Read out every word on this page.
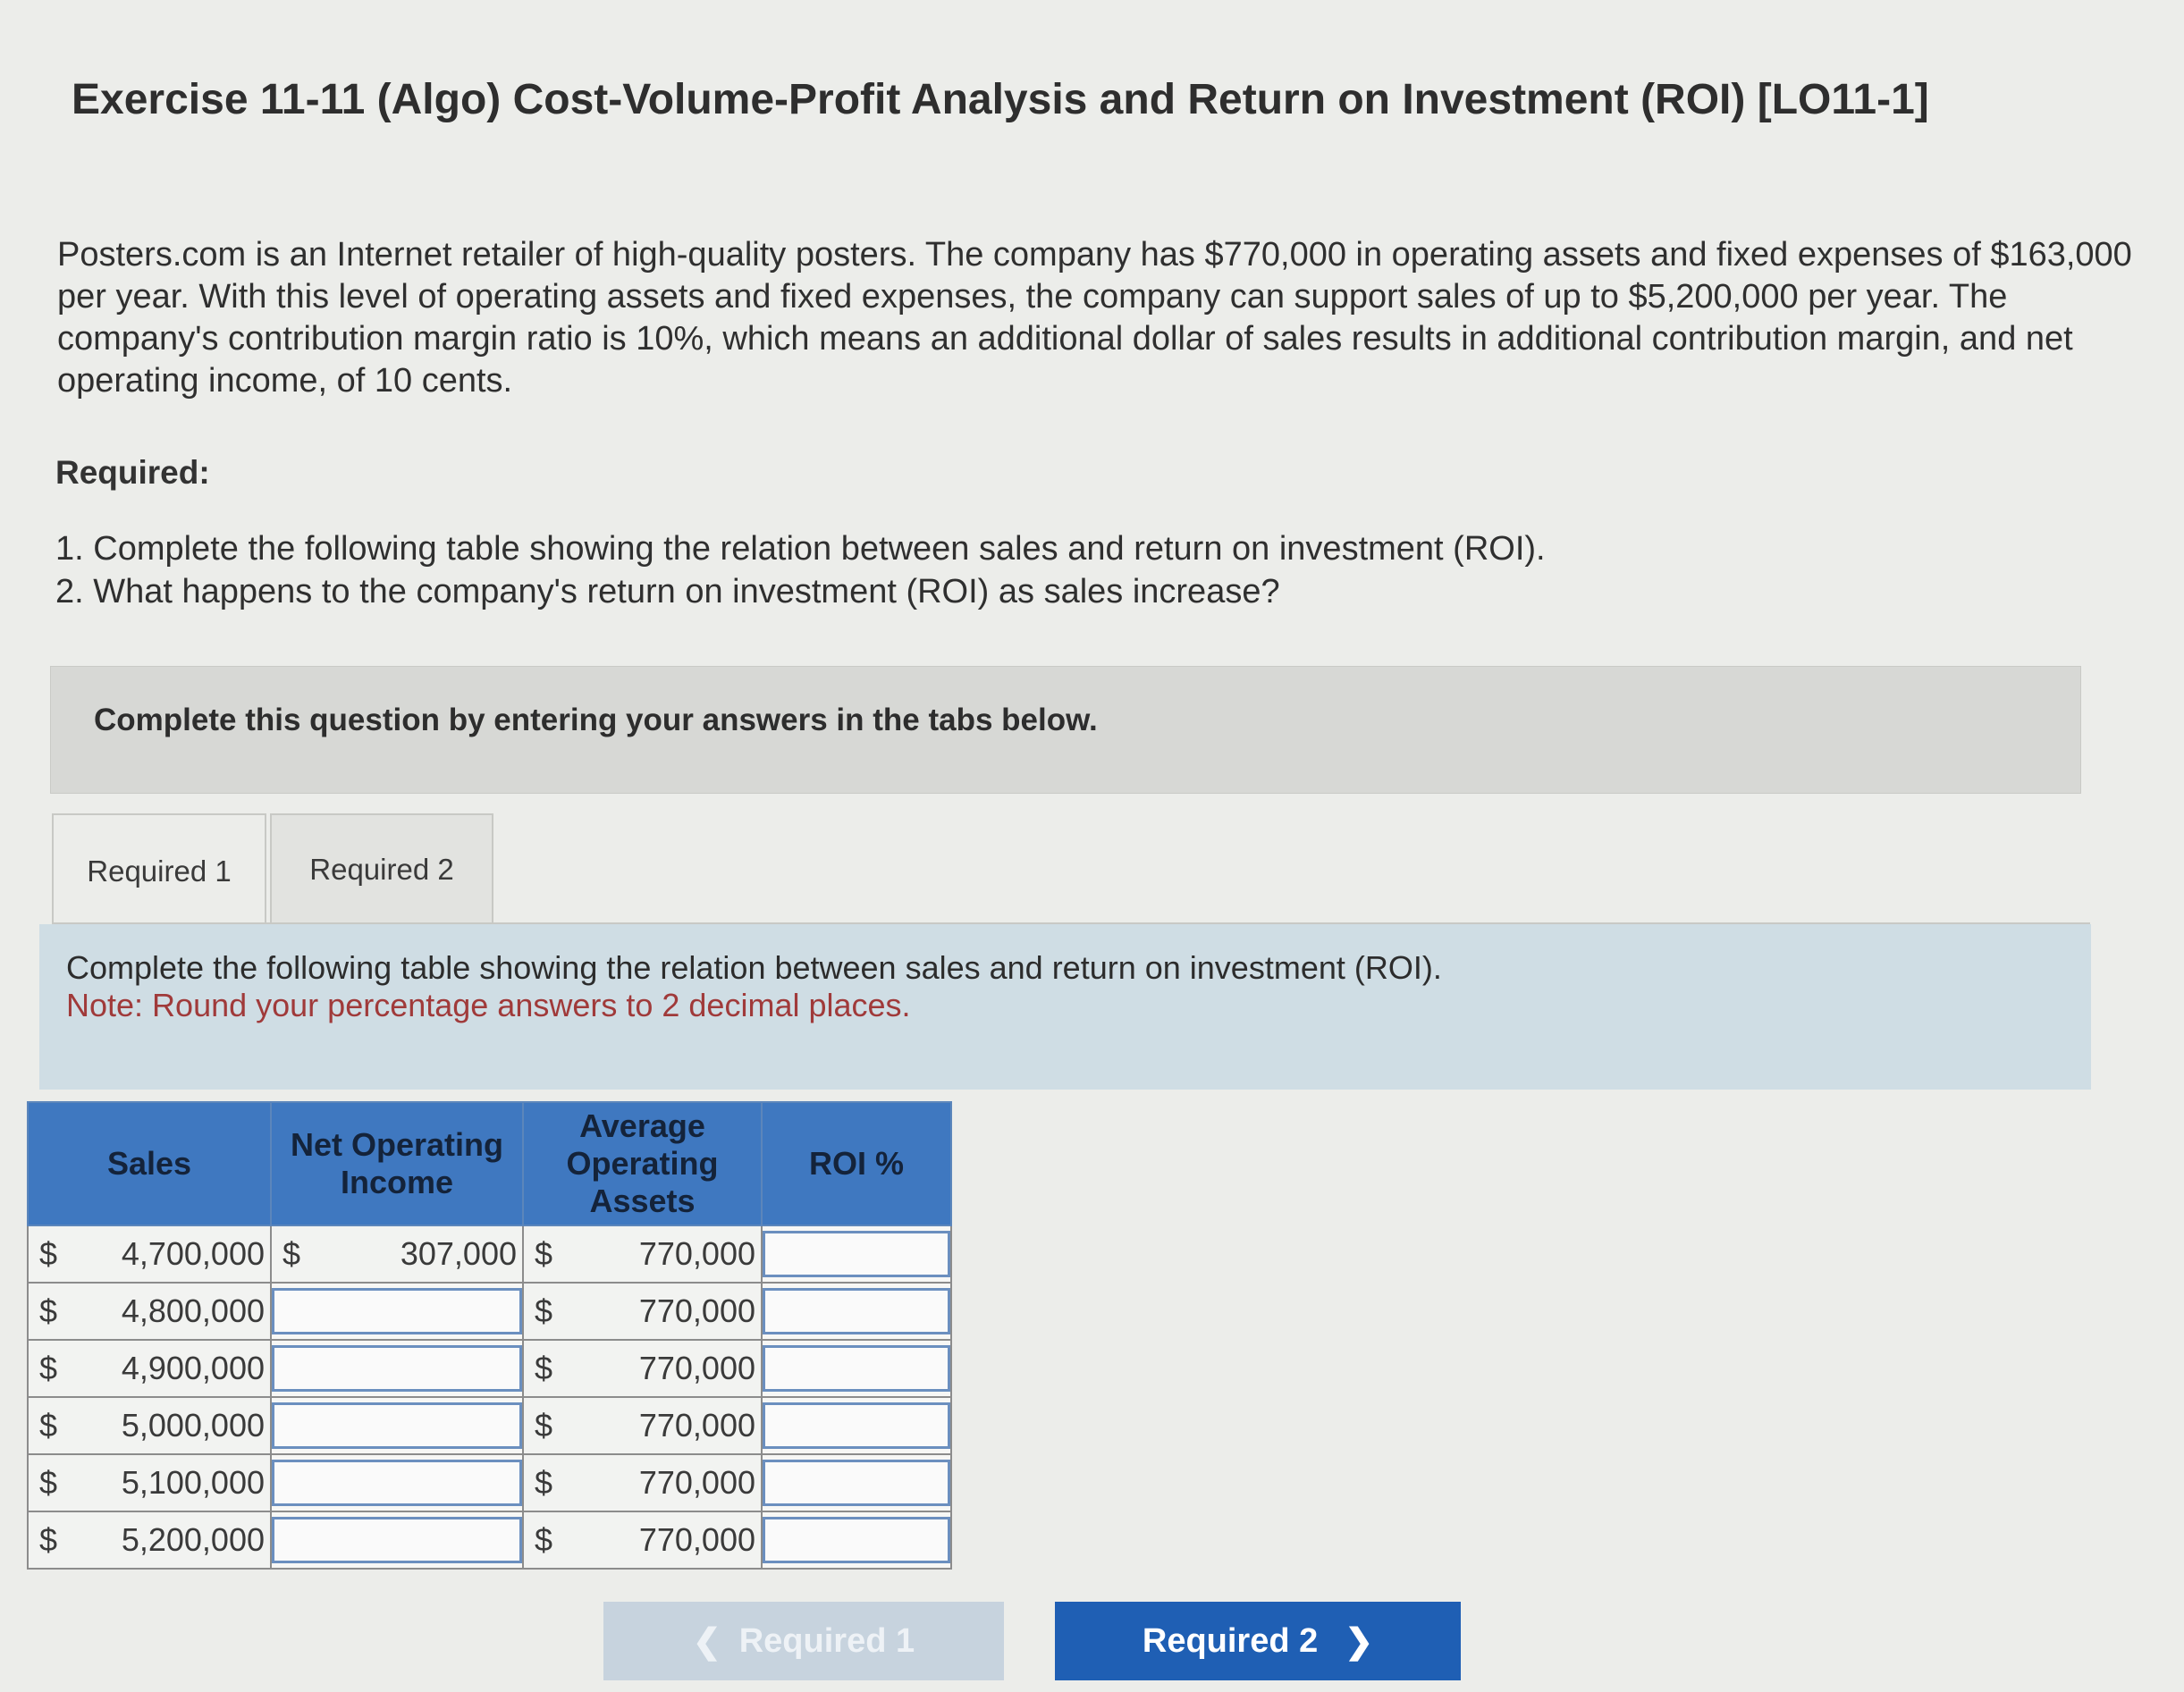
Exercise 11-11 (Algo) Cost-Volume-Profit Analysis and Return on Investment (ROI) [LO11-1]
Posters.com is an Internet retailer of high-quality posters. The company has $770,000 in operating assets and fixed expenses of $163,000 per year. With this level of operating assets and fixed expenses, the company can support sales of up to $5,200,000 per year. The company's contribution margin ratio is 10%, which means an additional dollar of sales results in additional contribution margin, and net operating income, of 10 cents.
Required:
1. Complete the following table showing the relation between sales and return on investment (ROI).
2. What happens to the company's return on investment (ROI) as sales increase?
Complete this question by entering your answers in the tabs below.
Required 1	Required 2
Complete the following table showing the relation between sales and return on investment (ROI).
Note: Round your percentage answers to 2 decimal places.
Sales	Net Operating Income	Average Operating Assets	ROI %

$ 4,700,000	$ 307,000	$ 770,000

$ 4,800,000		$ 770,000

$ 4,900,000		$ 770,000

$ 5,000,000		$ 770,000

$ 5,100,000		$ 770,000

$ 5,200,000		$ 770,000

❮ Required 1	Required 2 ❯
